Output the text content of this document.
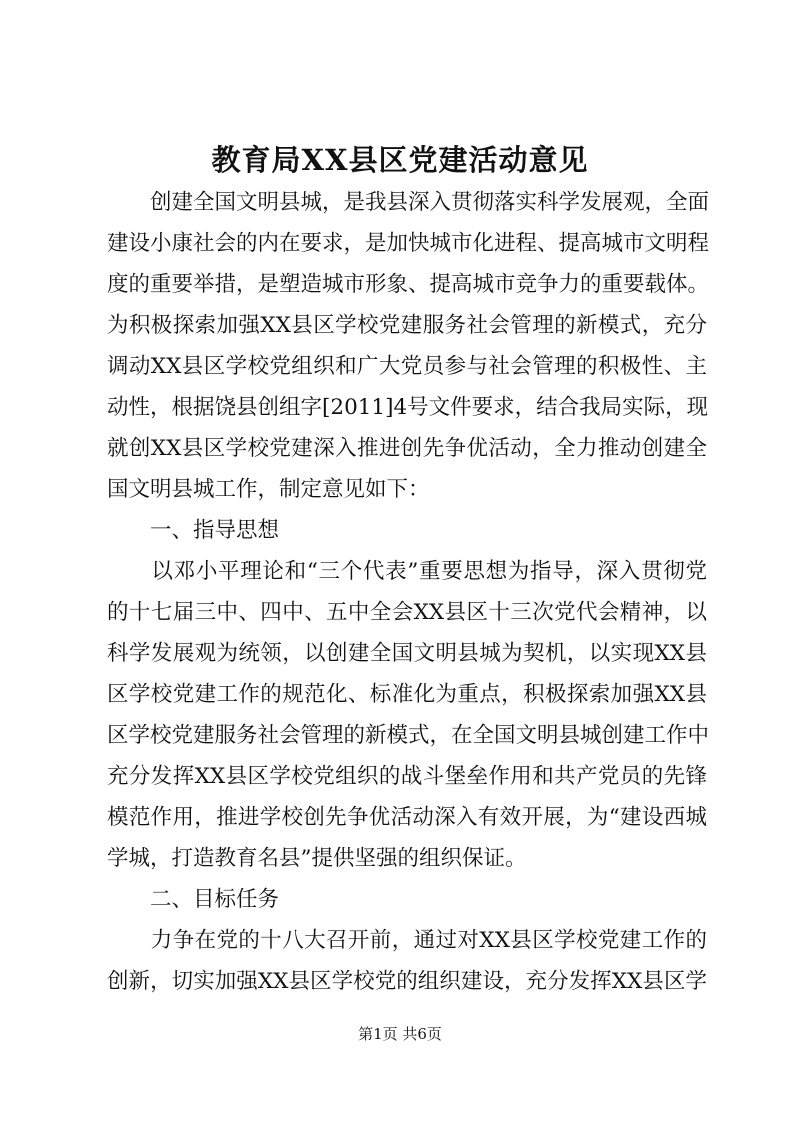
教育局XX县区党建活动意见
　　创建全国文明县城，是我县深入贯彻落实科学发展观，全面
建设小康社会的内在要求，是加快城市化进程、提高城市文明程
度的重要举措，是塑造城市形象、提高城市竞争力的重要载体。
为积极探索加强XX县区学校党建服务社会管理的新模式，充分
调动XX县区学校党组织和广大党员参与社会管理的积极性、主
动性，根据饶县创组字[2011]4号文件要求，结合我局实际，现
就创XX县区学校党建深入推进创先争优活动，全力推动创建全
国文明县城工作，制定意见如下：
　　一、指导思想
　　以邓小平理论和“三个代表”重要思想为指导，深入贯彻党
的十七届三中、四中、五中全会XX县区十三次党代会精神，以
科学发展观为统领，以创建全国文明县城为契机，以实现XX县
区学校党建工作的规范化、标准化为重点，积极探索加强XX县
区学校党建服务社会管理的新模式，在全国文明县城创建工作中
充分发挥XX县区学校党组织的战斗堡垒作用和共产党员的先锋
模范作用，推进学校创先争优活动深入有效开展，为“建设西城
学城，打造教育名县”提供坚强的组织保证。
　　二、目标任务
　　力争在党的十八大召开前，通过对XX县区学校党建工作的
创新，切实加强XX县区学校党的组织建设，充分发挥XX县区学
第1页 共6页
